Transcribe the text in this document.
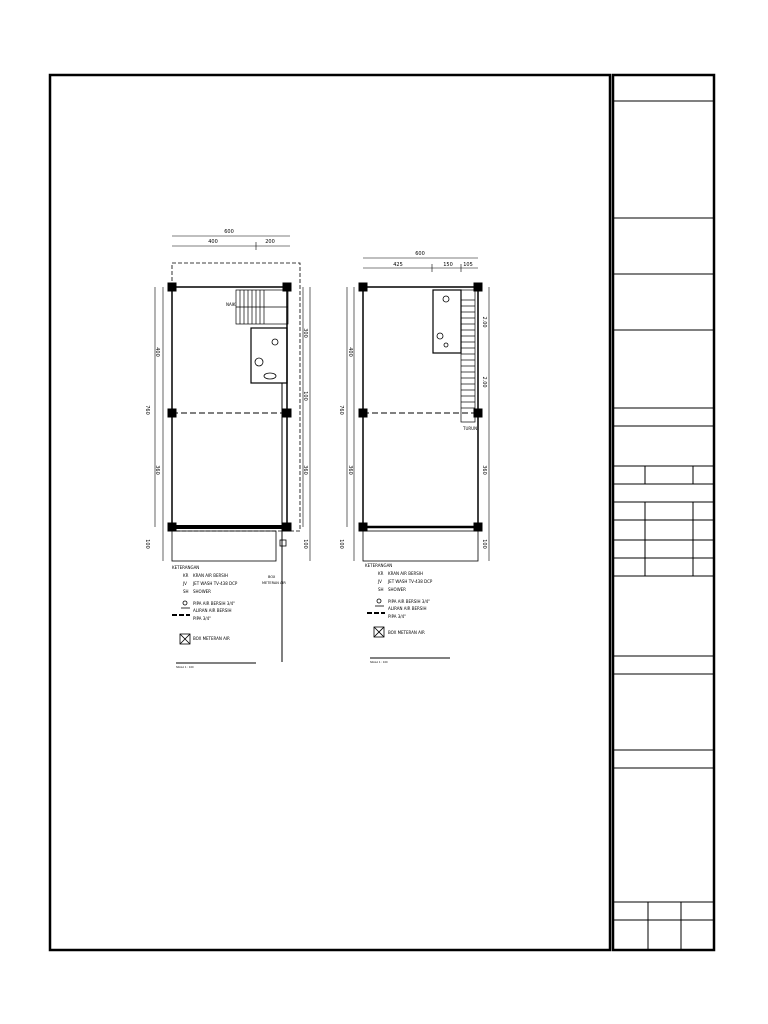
600
400	200
400
760
360
100
300
100
360
100
NAIK
BOX
METERAN AIR
SKALA 1 : 100
KETERANGAN
KR KRAN AIR BERSIH
JV JET WASH TV-438 DCP
SH SHOWER
PIPA AIR BERSIH 3/4"
ALIRAN AIR BERSIH
PIPA 3/4"
BOX METERAN AIR
600
425	150 105
400
760
360
100
2.00
2.00
360
100
TURUN
SKALA 1 : 100
KETERANGAN
KR KRAN AIR BERSIH
JV JET WASH TV-438 DCP
SH SHOWER
PIPA AIR BERSIH 3/4"
ALIRAN AIR BERSIH
PIPA 3/4"
BOX METERAN AIR
